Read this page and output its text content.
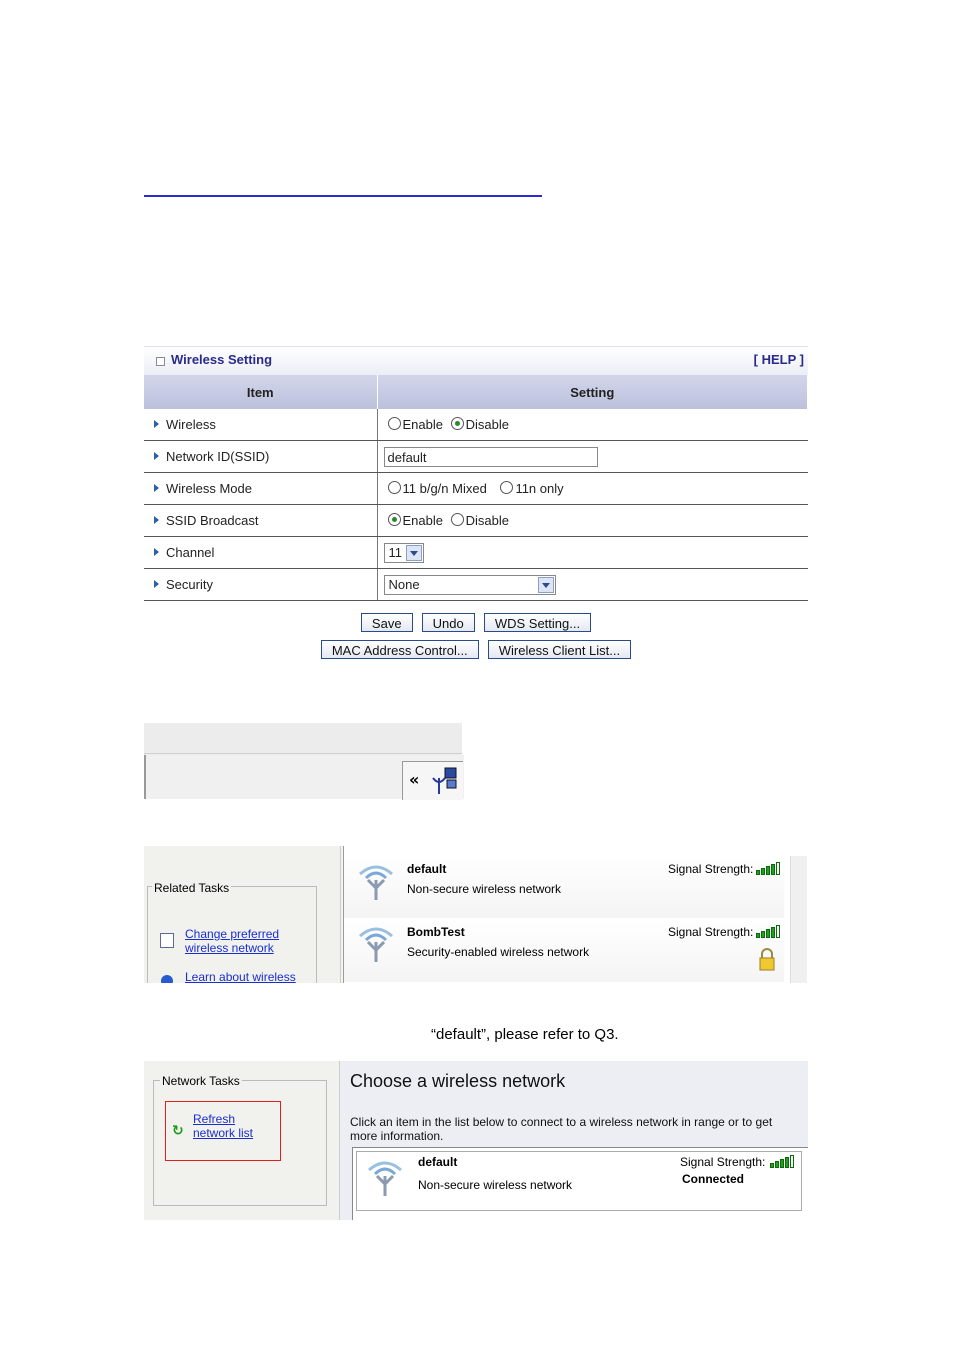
Wireless Setting	[ HELP ]
Item	Setting
Wireless	Enable Disable
Network ID(SSID)	default
Wireless Mode	11 b/g/n Mixed 11n only
SSID Broadcast	Enable Disable
Channel	11

Security	None
Save Undo WDS Setting...
MAC Address Control... Wireless Client List...
«
Related Tasks
Change preferred
wireless network
Learn about wireless
default
Non-secure wireless network
Signal Strength:
BombTest
Security-enabled wireless network
Signal Strength:
“default”, please refer to Q3.
Network Tasks
↻
Refresh
network list
Choose a wireless network
Click an item in the list below to connect to a wireless network in range or to get more information.
default
Non-secure wireless network
Signal Strength:
Connected
